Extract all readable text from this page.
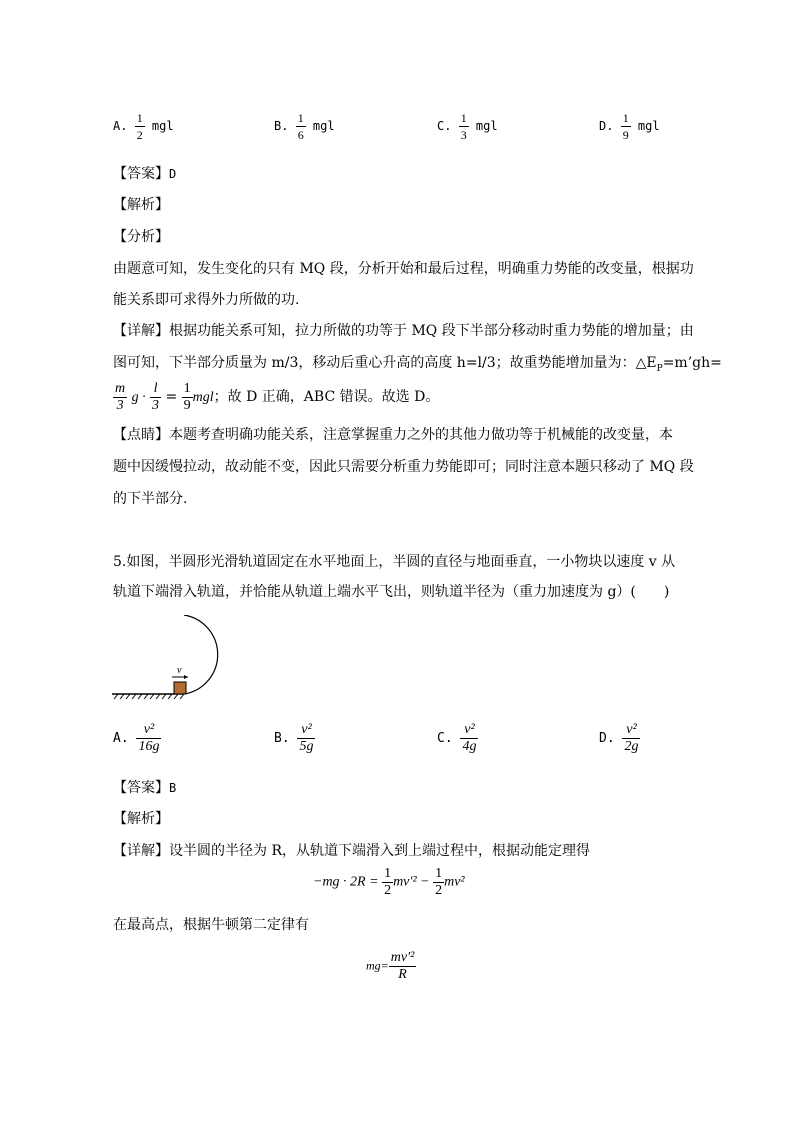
A. $\frac{1}{2}$ mgl	B. $\frac{1}{6}$ mgl	C. $\frac{1}{3}$ mgl	D. $\frac{1}{9}$ mgl
【答案】D
【解析】
【分析】
由题意可知，发生变化的只有 MQ 段，分析开始和最后过程，明确重力势能的改变量，根据功
能关系即可求得外力所做的功.
【详解】根据功能关系可知，拉力所做的功等于 MQ 段下半部分移动时重力势能的增加量；由
图可知，下半部分质量为 m/3，移动后重心升高的高度 h=l/3；故重势能增加量为：$\triangle E_P=m’gh=$
$\frac{m}{3}$ $g \cdot \frac{l}{3} = \frac{1}{9}$ mgl；故 D 正确，ABC 错误。故选 D。
【点睛】本题考查明确功能关系，注意掌握重力之外的其他力做功等于机械能的改变量，本
题中因缓慢拉动，故动能不变，因此只需要分析重力势能即可；同时注意本题只移动了 MQ 段
的下半部分.
5.如图，半圆形光滑轨道固定在水平地面上，半圆的直径与地面垂直，一小物块以速度 v 从
轨道下端滑入轨道，并恰能从轨道上端水平飞出，则轨道半径为（重力加速度为 g）(　　)
v
A. $\frac{\text{v²}}{16g}$	B. $\frac{\text{v²}}{5g}$	C. $\frac{\text{v²}}{4g}$	D. $\frac{\text{v²}}{2g}$
【答案】B
【解析】
【详解】设半圆的半径为 R，从轨道下端滑入到上端过程中，根据动能定理得
$-mg \cdot 2R = \frac{1}{2} mv'^2 - \frac{1}{2} mv^2$
在最高点，根据牛顿第二定律有
$mg= \frac{\text{mv′²}}{R}$
